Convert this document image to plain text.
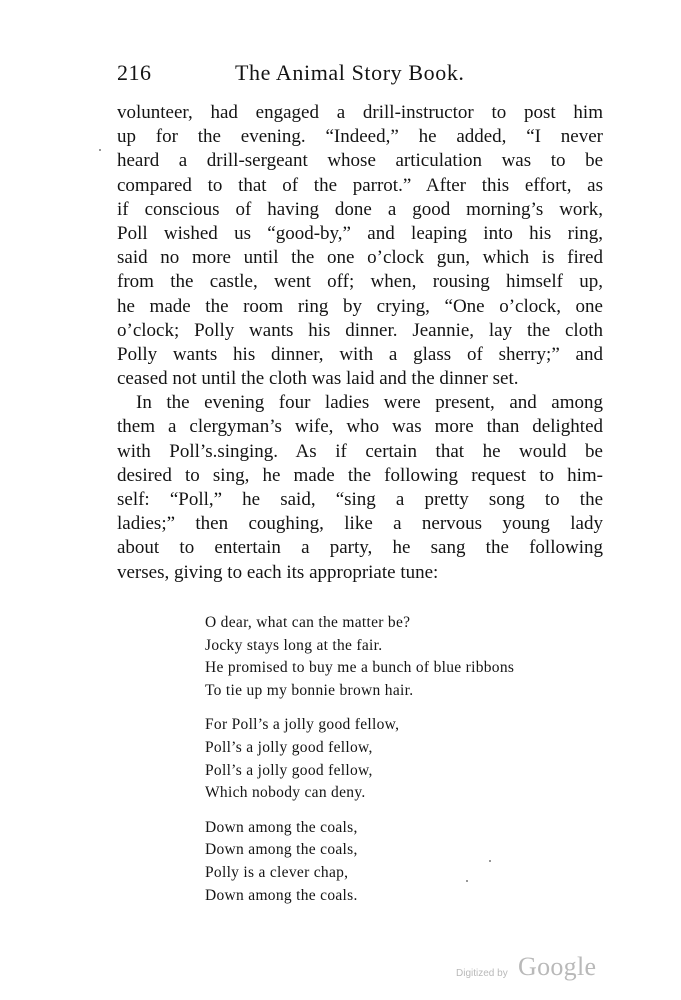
216	The Animal Story Book.
volunteer, had engaged a drill-instructor to post him
up for the evening. “Indeed,” he added, “I never
heard a drill-sergeant whose articulation was to be
compared to that of the parrot.” After this effort, as
if conscious of having done a good morning’s work,
Poll wished us “good-by,” and leaping into his ring,
said no more until the one o’clock gun, which is fired
from the castle, went off; when, rousing himself up,
he made the room ring by crying, “One o’clock, one
o’clock; Polly wants his dinner. Jeannie, lay the cloth
Polly wants his dinner, with a glass of sherry;” and
ceased not until the cloth was laid and the dinner set.
In the evening four ladies were present, and among
them a clergyman’s wife, who was more than delighted
with Poll’s.singing. As if certain that he would be
desired to sing, he made the following request to him-
self: “Poll,” he said, “sing a pretty song to the
ladies;” then coughing, like a nervous young lady
about to entertain a party, he sang the following
verses, giving to each its appropriate tune:
O dear, what can the matter be?
Jocky stays long at the fair.
He promised to buy me a bunch of blue ribbons
To tie up my bonnie brown hair.
For Poll’s a jolly good fellow,
Poll’s a jolly good fellow,
Poll’s a jolly good fellow,
Which nobody can deny.
Down among the coals,
Down among the coals,
Polly is a clever chap,
Down among the coals.
Digitized by Google
